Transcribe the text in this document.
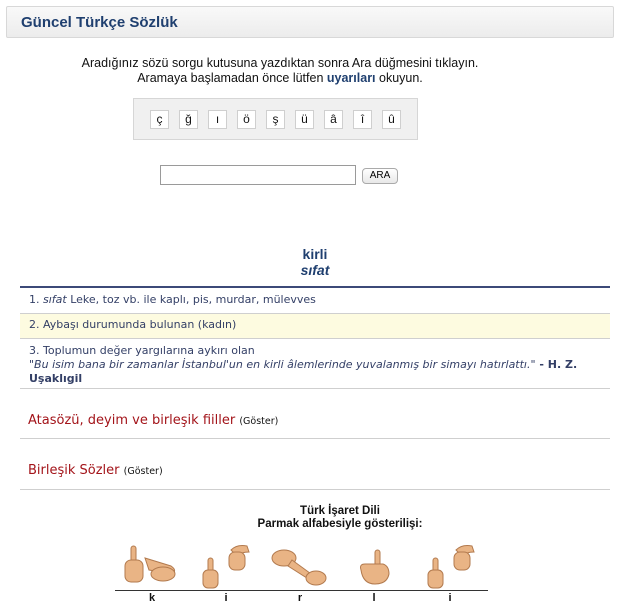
Güncel Türkçe Sözlük
Aradığınız sözü sorgu kutusuna yazdıktan sonra Ara düğmesini tıklayın.
Aramaya başlamadan önce lütfen uyarıları okuyun.
ç	ğ	ı	ö	ş	ü	â	î	û
ARA
kirli
sıfat
1. sıfat Leke, toz vb. ile kaplı, pis, murdar, mülevves
2. Aybaşı durumunda bulunan (kadın)
3. Toplumun değer yargılarına aykırı olan
"Bu isim bana bir zamanlar İstanbul'un en kirli âlemlerinde yuvalanmış bir simayı hatırlattı." - H. Z.
Uşaklıgil
Atasözü, deyim ve birleşik fiiller (Göster)
Birleşik Sözler (Göster)
Türk İşaret Dili
Parmak alfabesiyle gösterilişi:
k	i	r	l	i
